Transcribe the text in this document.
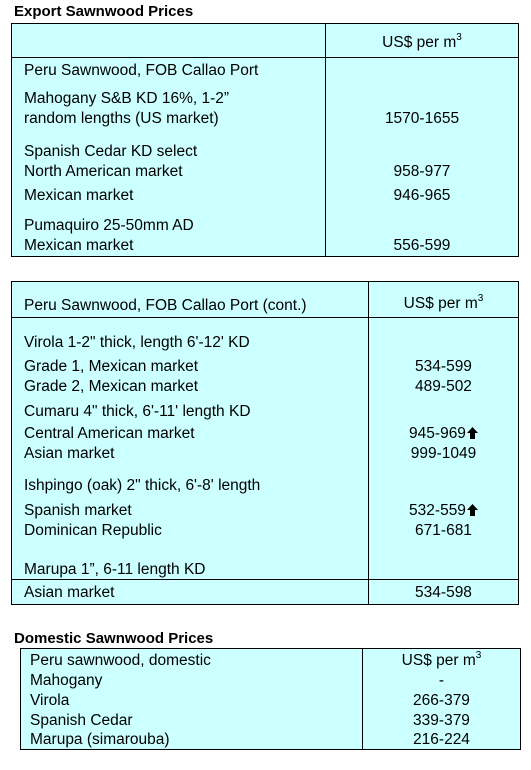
Export Sawnwood Prices
US$ per $m^3$
Peru Sawnwood, FOB Callao Port
Mahogany S&B KD 16%, 1-2”
random lengths (US market)	1570-1655
Spanish Cedar KD select
North American market	958-977
Mexican market	946-965
Pumaquiro 25-50mm AD
Mexican market	556-599
Peru Sawnwood, FOB Callao Port (cont.)	US$ per $m^3$
Virola 1-2" thick, length 6'-12' KD
Grade 1, Mexican market	534-599
Grade 2, Mexican market	489-502
Cumaru 4" thick, 6'-11' length KD
Central American market	945-969
Asian market	999-1049
Ishpingo (oak) 2" thick, 6'-8' length
Spanish market	532-559
Dominican Republic	671-681
Marupa 1”, 6-11 length KD
Asian market	534-598
Domestic Sawnwood Prices
Peru sawnwood, domestic	US$ per $m^3$
Mahogany	-
Virola	266-379
Spanish Cedar	339-379
Marupa (simarouba)	216-224
